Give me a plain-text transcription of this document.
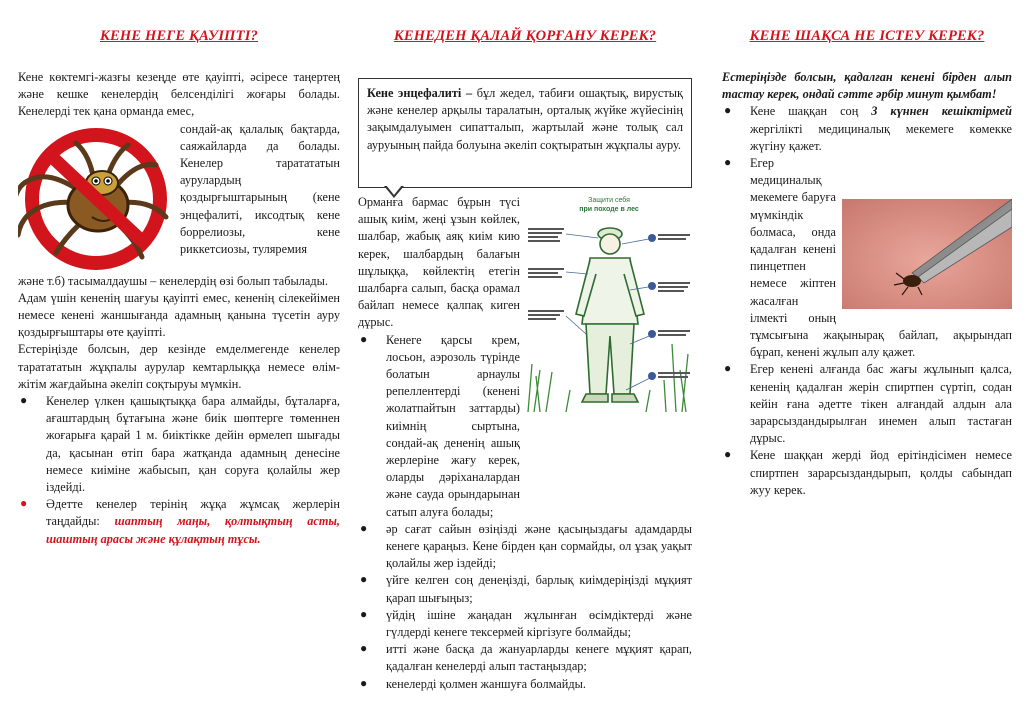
КЕНЕ НЕГЕ ҚАУІПТІ?

Кене көктемгі-жазғы кезеңде өте қауіпті, әсіресе таңертең және кешке кенелердің белсенділігі жоғары болады. Кенелерді тек қана орманда емес,

сондай-ақ қалалық бақтарда, саяжайларда да болады. Кенелер таратататын аурулардың қоздырғыштарының (кене энцефалиті, иксодтық кене боррелиозы, кене риккетсиозы, туляремия

және т.б) тасымалдаушы – кенелердің өзі болып табылады.

Адам үшін кененің шағуы қауіпті емес, кененің сілекейімен немесе кенені жаншығанда адамның қанына түсетін ауру қоздырғыштары өте қауіпті.

Естеріңізде болсын, дер кезінде емделмегенде кенелер таратататын жұқпалы аурулар кемтарлыққа немесе өлім-жітім жағдайына әкеліп соқтыруы мүмкін.

●	Кенелер үлкен қашықтыққа бара алмайды, бұталарға, ағаштардың бұтағына және биік шөптерге төменнен жоғарыға қарай 1 м. биіктікке дейін өрмелеп шығады да, қасынан өтіп бара жатқанда адамның денесіне немесе киіміне жабысып, қан соруға қолайлы жер іздейді.

●	Әдетте кенелер терінің жұқа жұмсақ жерлерін таңдайды: шаптың маңы, қолтықтың асты, шаштың арасы және құлақтың тұсы.

КЕНЕДЕН ҚАЛАЙ ҚОРҒАНУ КЕРЕК?

Кене энцефалиті – бұл жедел, табиғи ошақтық, вирустық және кенелер арқылы таралатын, орталық жүйке жүйесінің зақымдалуымен сипатталып, жартылай және толық сал ауруының пайда болуына әкеліп соқтыратын жұқпалы ауру.

Защити себя
при походе в лес

Орманға бармас бұрын түсі ашық киім, жеңі ұзын көйлек, шалбар, жабық аяқ киім кию керек, шалбардың балағын шұлыққа, көйлектің етегін шалбарға салып, басқа орамал байлап немесе қалпақ киген дұрыс.

●	Кенеге қарсы крем, лосьон, аэрозоль түрінде болатын арнаулы репеллентерді (кенені жолатпайтын заттарды) киімнің сыртына, сондай-ақ дененің ашық жерлеріне жағу керек, оларды дәріханалардан және сауда орындарынан сатып алуға болады;

●	әр сағат сайын өзіңізді және қасыңыздағы адамдарды кенеге қараңыз. Кене бірден қан сормайды, ол ұзақ уақыт қолайлы жер іздейді;

●	үйге келген соң денеңізді, барлық киімдеріңізді мұқият қарап шығыңыз;

●	үйдің ішіне жаңадан жұлынған өсімдіктерді және гүлдерді кенеге тексермей кіргізуге болмайды;

●	итті және басқа да жануарларды кенеге мұқият қарап, қадалған кенелерді алып тастаңыздар;

●	кенелерді қолмен жаншуға болмайды.

КЕНЕ ШАҚСА НЕ ІСТЕУ КЕРЕК?

Естеріңізде болсын, қадалған кенені бірден алып тастау керек, ондай сәтте әрбір минут қымбат!

●	Кене шаққан соң 3 күннен кешіктірмей жергілікті медициналық мекемеге көмекке жүгіну қажет.

●	Егер медициналық мекемеге баруға мүмкіндік болмаса, онда қадалған кенені пинцетпен немесе жіптен жасалған ілмекті оның тұмсығына жақынырақ байлап, ақырындап бұрап, кенені жұлып алу қажет.

●	Егер кенені алғанда бас жағы жұлынып қалса, кененің қадалған жерін спиртпен сүртіп, содан кейін ғана әдетте тікен алғандай алдын ала зарарсыздандырылған инемен алып тастаған дұрыс.

●	Кене шаққан жерді йод ерітіндісімен немесе спиртпен зарарсыздандырып, қолды сабындап жуу керек.
